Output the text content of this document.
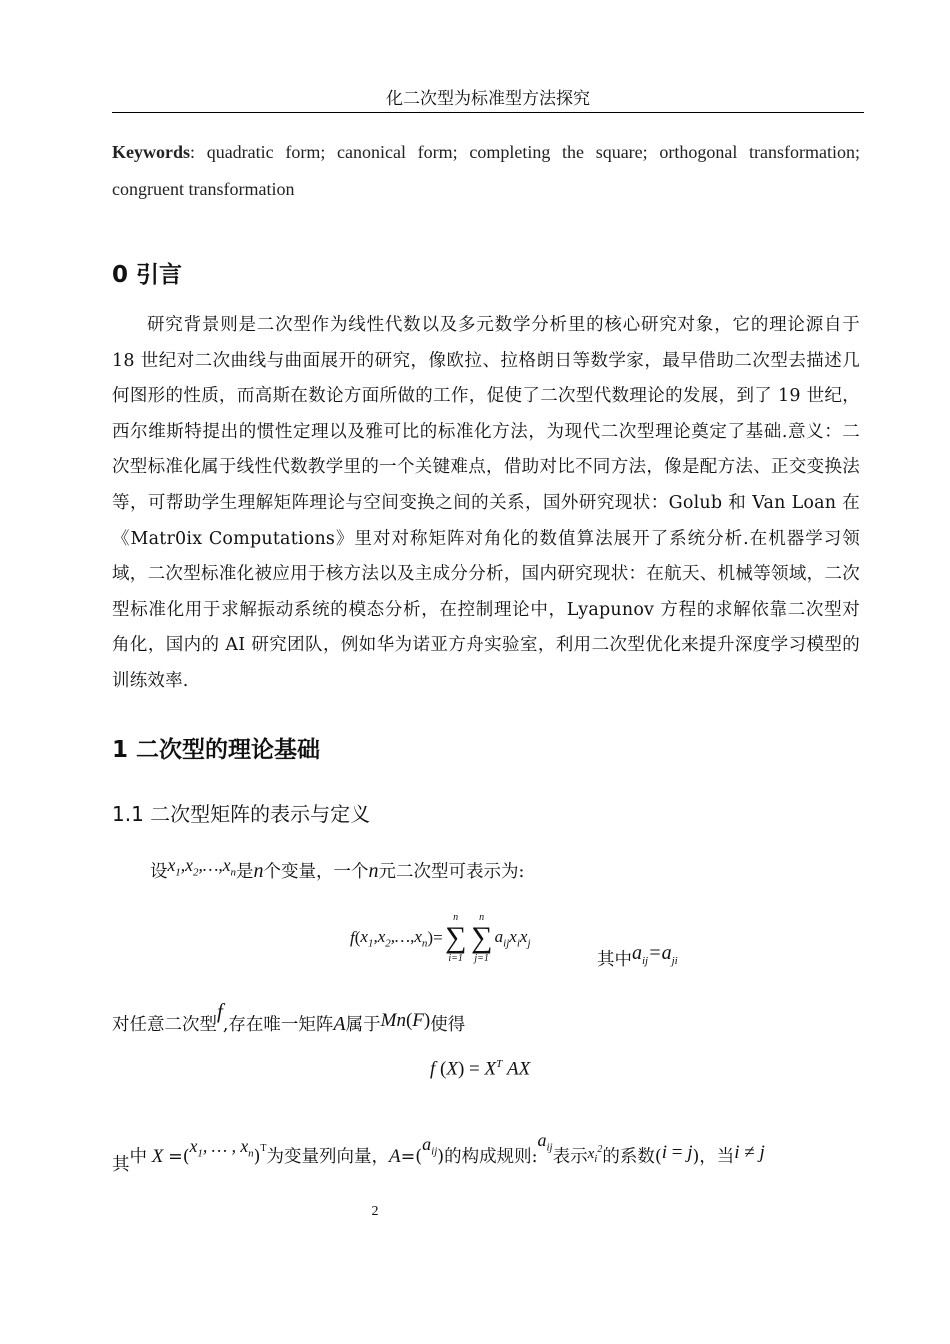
化二次型为标准型方法探究
Keywords: quadratic form; canonical form; completing the square; orthogonal transformation; congruent transformation
0 引言
研究背景则是二次型作为线性代数以及多元数学分析里的核心研究对象，它的理论源自于 18 世纪对二次曲线与曲面展开的研究，像欧拉、拉格朗日等数学家，最早借助二次型去描述几何图形的性质，而高斯在数论方面所做的工作，促使了二次型代数理论的发展，到了 19 世纪，西尔维斯特提出的惯性定理以及雅可比的标准化方法，为现代二次型理论奠定了基础.意义：二次型标准化属于线性代数教学里的一个关键难点，借助对比不同方法，像是配方法、正交变换法等，可帮助学生理解矩阵理论与空间变换之间的关系，国外研究现状：Golub 和 Van Loan 在《Matr0ix Computations》里对对称矩阵对角化的数值算法展开了系统分析.在机器学习领域，二次型标准化被应用于核方法以及主成分分析，国内研究现状：在航天、机械等领域，二次型标准化用于求解振动系统的模态分析，在控制理论中，Lyapunov 方程的求解依靠二次型对角化，国内的 AI 研究团队，例如华为诺亚方舟实验室，利用二次型优化来提升深度学习模型的训练效率.
1 二次型的理论基础
1.1 二次型矩阵的表示与定义
设$x_1,x_2,\dots,x_n$是n个变量，一个n元二次型可表示为:
$f(x_1,x_2,\dots,x_n)=$
n
∑
i=1
n
∑
j=1
$a_{ij}x_ix_j$
其中$a_{ij}=a_{ji}$
对任意二次型f,存在唯一矩阵A属于Mn(F)使得
f $(X) = X^T$ AX
其中 $X =(x_1$, … , $x_n)^T$为变量列向量，$A=(a_{ij})$的构成规则$:a_{ij}$表示$x_i^2$的系数(i = j)，当i ≠ j
2
